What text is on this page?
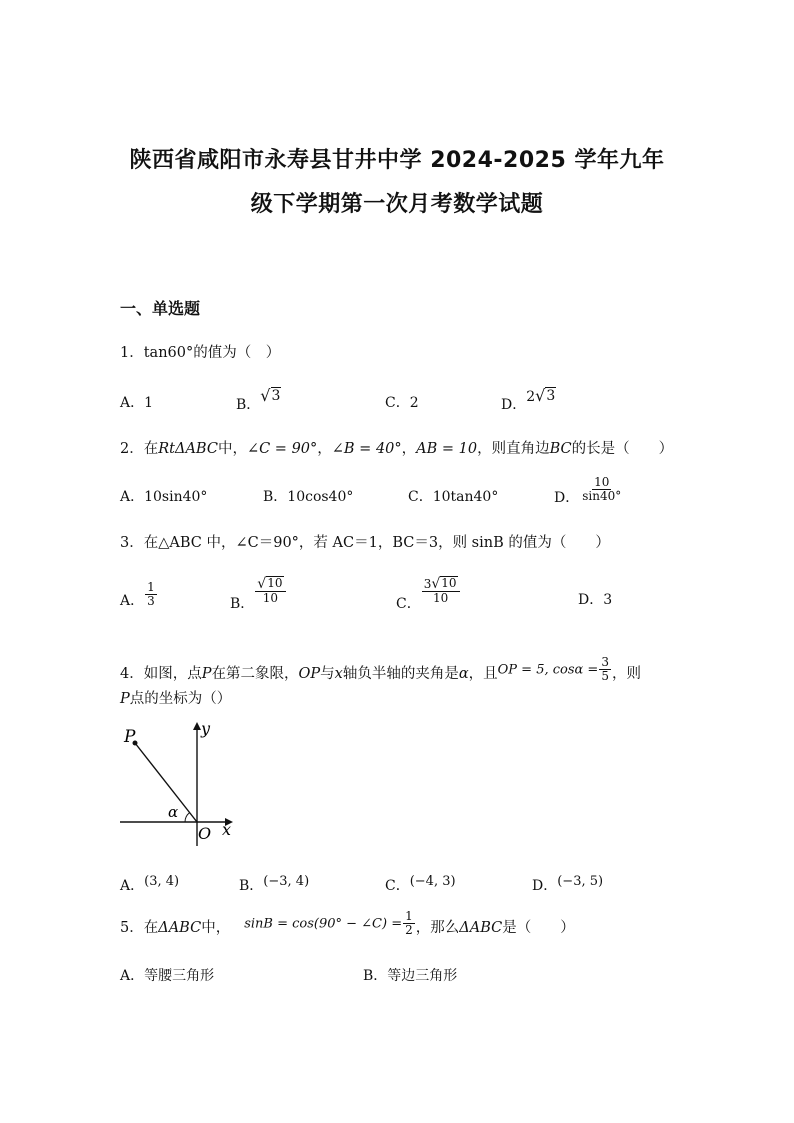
陕西省咸阳市永寿县甘井中学 2024-2025 学年九年
级下学期第一次月考数学试题
一、单选题
1．tan60°的值为（　）
A．1	B． √ 3	C．2	D．2 √ 3
2．在RtΔABC中，∠C = 90°，∠B = 40°，AB = 10，则直角边BC的长是（　　）
A．10sin40°	B．10cos40°	C．10tan40°	D． $\frac{10}{\sin 40^\circ}$
3．在△ABC 中，∠C＝90°，若 AC＝1，BC＝3，则 sinB 的值为（　　）
A． $\frac{1}{3}$	B． $\frac{√ 10}{10}$	C． $\frac{3 √ 10}{10}$	D．3
4．如图，点P在第二象限，OP与x轴负半轴的夹角是α，且OP = 5, $\cos\alpha = \frac{3}{5}$ ，则
P点的坐标为（）
P	y
x
O
α
A．(3, 4)	B．(−3, 4)	C．(−4, 3)	D．(−3, 5)
5．在ΔABC中， sinB = cos(90° − ∠C) = $\frac{1}{2}$ ，那么ΔABC是（　　）
A．等腰三角形	B．等边三角形
